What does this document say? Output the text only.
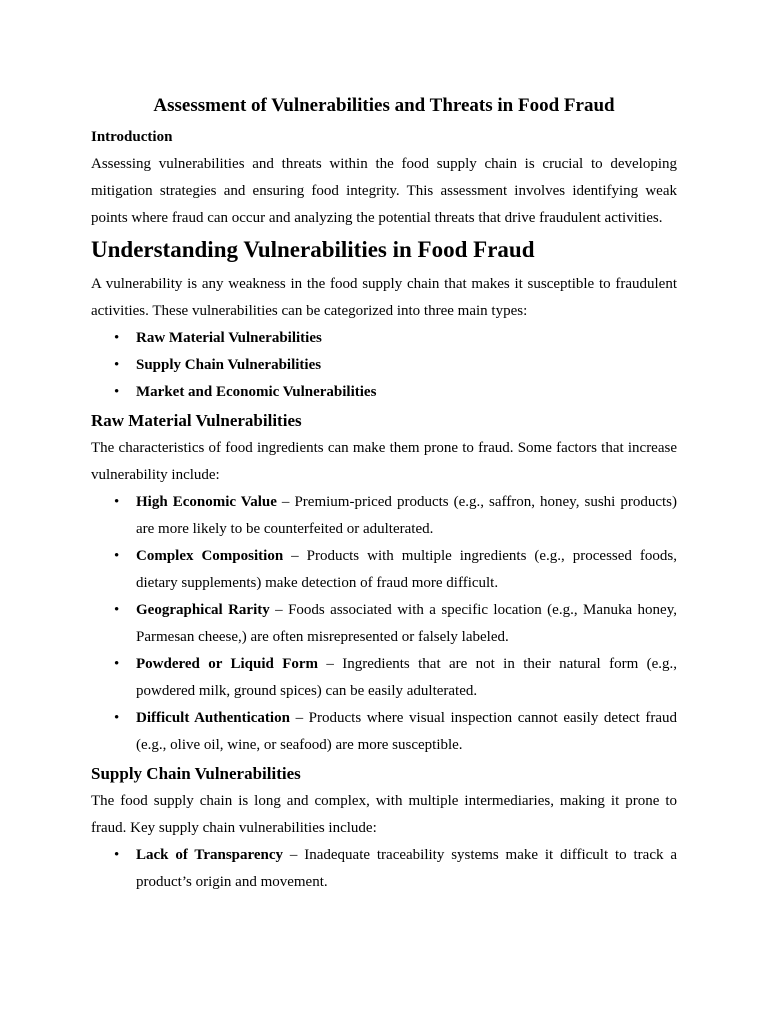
Assessment of Vulnerabilities and Threats in Food Fraud
Introduction

Assessing vulnerabilities and threats within the food supply chain is crucial to developing mitigation strategies and ensuring food integrity. This assessment involves identifying weak points where fraud can occur and analyzing the potential threats that drive fraudulent activities.

Understanding Vulnerabilities in Food Fraud

A vulnerability is any weakness in the food supply chain that makes it susceptible to fraudulent activities. These vulnerabilities can be categorized into three main types:

• Raw Material Vulnerabilities
• Supply Chain Vulnerabilities
• Market and Economic Vulnerabilities
Raw Material Vulnerabilities

The characteristics of food ingredients can make them prone to fraud. Some factors that increase vulnerability include:

• High Economic Value – Premium-priced products (e.g., saffron, honey, sushi products) are more likely to be counterfeited or adulterated.
• Complex Composition – Products with multiple ingredients (e.g., processed foods, dietary supplements) make detection of fraud more difficult.
• Geographical Rarity – Foods associated with a specific location (e.g., Manuka honey, Parmesan cheese,) are often misrepresented or falsely labeled.
• Powdered or Liquid Form – Ingredients that are not in their natural form (e.g., powdered milk, ground spices) can be easily adulterated.
• Difficult Authentication – Products where visual inspection cannot easily detect fraud (e.g., olive oil, wine, or seafood) are more susceptible.
Supply Chain Vulnerabilities

The food supply chain is long and complex, with multiple intermediaries, making it prone to fraud. Key supply chain vulnerabilities include:

• Lack of Transparency – Inadequate traceability systems make it difficult to track a product’s origin and movement.
